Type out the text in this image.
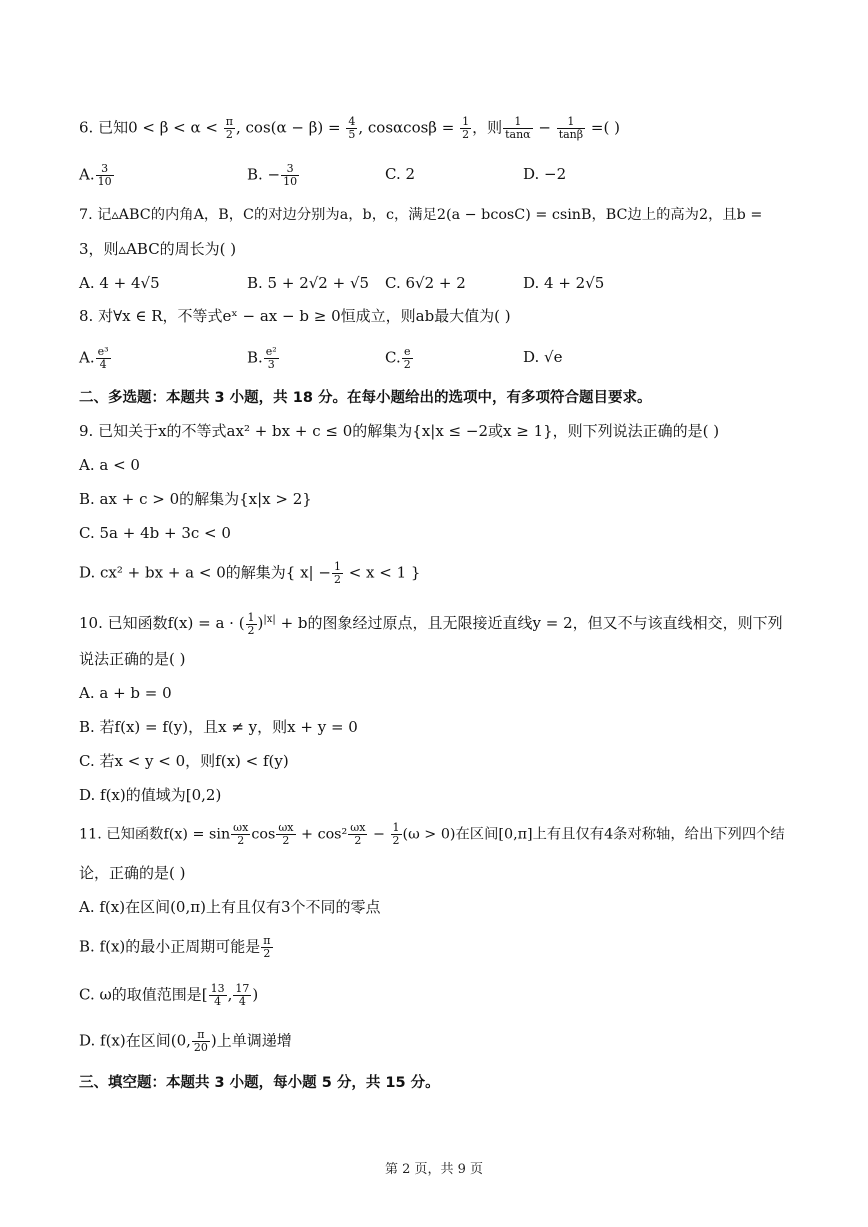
6. 已知$0 < \beta < \alpha < \frac{\pi}{2}$ , $\cos(\alpha - \beta) = \frac{4}{5}$ , $\cos\alpha\cos\beta = \frac{1}{2}$ ，则 $\frac{1}{\tan\alpha} - \frac{1}{\tan\beta}$ =( )
A. $\frac{3}{10}$	B. − $\frac{3}{10}$	C. 2	D. −2
7. 记▵ABC的内角A，B，C的对边分别为a，b，c，满足2(a − bcosC) = csinB，BC边上的高为2，且b =
3，则▵ABC的周长为( )
A. 4 + 4√5	B. 5 + 2√2 + √5 C. 6√2 + 2	D. 4 + 2√5
8. 对∀x ∈ R，不等式eˣ − ax − b ≥ 0恒成立，则ab最大值为( )
A. $\frac{\text{e³}}{4}$	B. $\frac{\text{e²}}{3}$	C. $\frac{e}{2}$	D. √e
二、多选题：本题共 3 小题，共 18 分。在每小题给出的选项中，有多项符合题目要求。
9. 已知关于x的不等式ax² + bx + c ≤ 0的解集为{x|x ≤ −2或x ≥ 1}，则下列说法正确的是( )
A. a < 0
B. ax + c > 0的解集为{x|x > 2}
C. 5a + 4b + 3c < 0
D. cx² + bx + a < 0的解集为{ $x| - \frac{1}{2} < x < 1$ }
10. 已知函数f(x) = a · ( $\frac{1}{2} )^{|x|} + b$的图象经过原点，且无限接近直线y = 2，但又不与该直线相交，则下列
说法正确的是( )
A. a + b = 0
B. 若f(x) = f(y)，且x ≠ y，则x + y = 0
C. 若x < y < 0，则f(x) < f(y)
D. f(x)的值域为[0,2)
11. 已知函数$f(x) = \sin \frac{\omega x}{2}$ $\cos \frac{\omega x}{2} + \cos^2 \frac{\omega x}{2} - \frac{1}{2} (\omega > 0)$在区间[0,π]上有且仅有4条对称轴，给出下列四个结
论，正确的是( )
A. f(x)在区间(0,π)上有且仅有3个不同的零点
B. f(x)的最小正周期可能是 $\frac{\pi}{2}$
C. ω的取值范围是[ $\frac{13}{4}$ , $\frac{17}{4}$ )
D. f(x)在区间(0, $\frac{\pi}{20}$ )上单调递增
三、填空题：本题共 3 小题，每小题 5 分，共 15 分。
第 2 页，共 9 页
